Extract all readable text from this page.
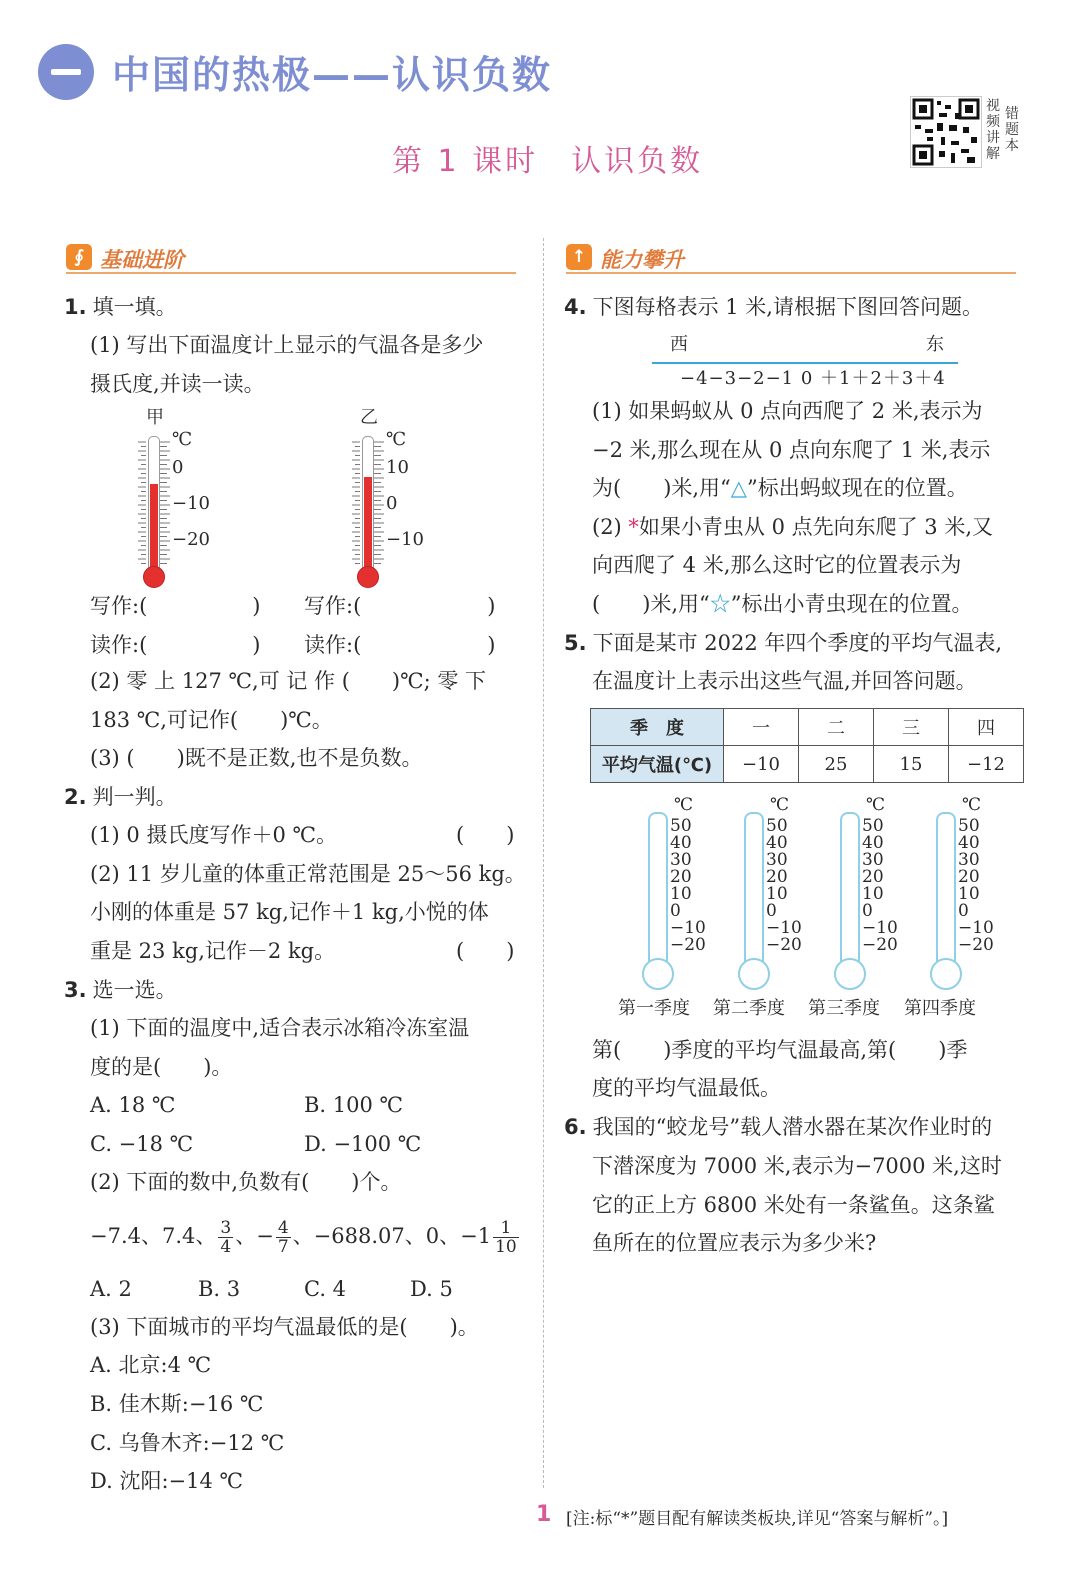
中国的热极——认识负数
第 1 课时　认识负数
视频讲解
错题本
∮ 基础进阶	↑ 能力攀升
1. 填一填。
(1) 写出下面温度计上显示的气温各是多少
摄氏度,并读一读。
甲
℃
0
−10
−20
乙
℃
10
0
−10
写作:(　　　　　) 写作:(　　　　　　)
读作:(　　　　　) 读作:(　　　　　　)
(2) 零 上 127 ℃,可 记 作 (　　)℃; 零 下
183 ℃,可记作(　　)℃。
(3) (　　)既不是正数,也不是负数。
2. 判一判。
(1) 0 摄氏度写作＋0 ℃。	(　　)
(2) 11 岁儿童的体重正常范围是 25～56 kg。
小刚的体重是 57 kg,记作＋1 kg,小悦的体
重是 23 kg,记作－2 kg。	(　　)
3. 选一选。
(1) 下面的温度中,适合表示冰箱冷冻室温
度的是(　　)。
A. 18 ℃	B. 100 ℃
C. −18 ℃	D. −100 ℃
(2) 下面的数中,负数有(　　)个。
−7.4、7.4、 $\frac{3}{4}$ 、− $\frac{4}{7}$ 、−688.07、0、$-1 \frac{1}{10}$
A. 2	B. 3	C. 4	D. 5
(3) 下面城市的平均气温最低的是(　　)。
A. 北京:4 ℃
B. 佳木斯:−16 ℃
C. 乌鲁木齐:−12 ℃
D. 沈阳:−14 ℃
4. 下图每格表示 1 米,请根据下图回答问题。
西	东
−4−3−2−1 0 ＋1＋2＋3＋4
(1) 如果蚂蚁从 0 点向西爬了 2 米,表示为
−2 米,那么现在从 0 点向东爬了 1 米,表示
为(　　)米,用“△”标出蚂蚁现在的位置。
(2) *如果小青虫从 0 点先向东爬了 3 米,又
向西爬了 4 米,那么这时它的位置表示为
(　　)米,用“☆”标出小青虫现在的位置。
5. 下面是某市 2022 年四个季度的平均气温表,
在温度计上表示出这些气温,并回答问题。
季　度	一	二	三	四
平均气温(℃)	−10	25	15	−12
℃
50
40
30
20
10
0
−10
−20
℃
50
40
30
20
10
0
−10
−20
℃
50
40
30
20
10
0
−10
−20
℃
50
40
30
20
10
0
−10
−20
第一季度 第二季度 第三季度 第四季度
第(　　)季度的平均气温最高,第(　　)季
度的平均气温最低。
6. 我国的“蛟龙号”载人潜水器在某次作业时的
下潜深度为 7000 米,表示为−7000 米,这时
它的正上方 6800 米处有一条鲨鱼。这条鲨
鱼所在的位置应表示为多少米?
1 [注:标“*”题目配有解读类板块,详见“答案与解析”。]
